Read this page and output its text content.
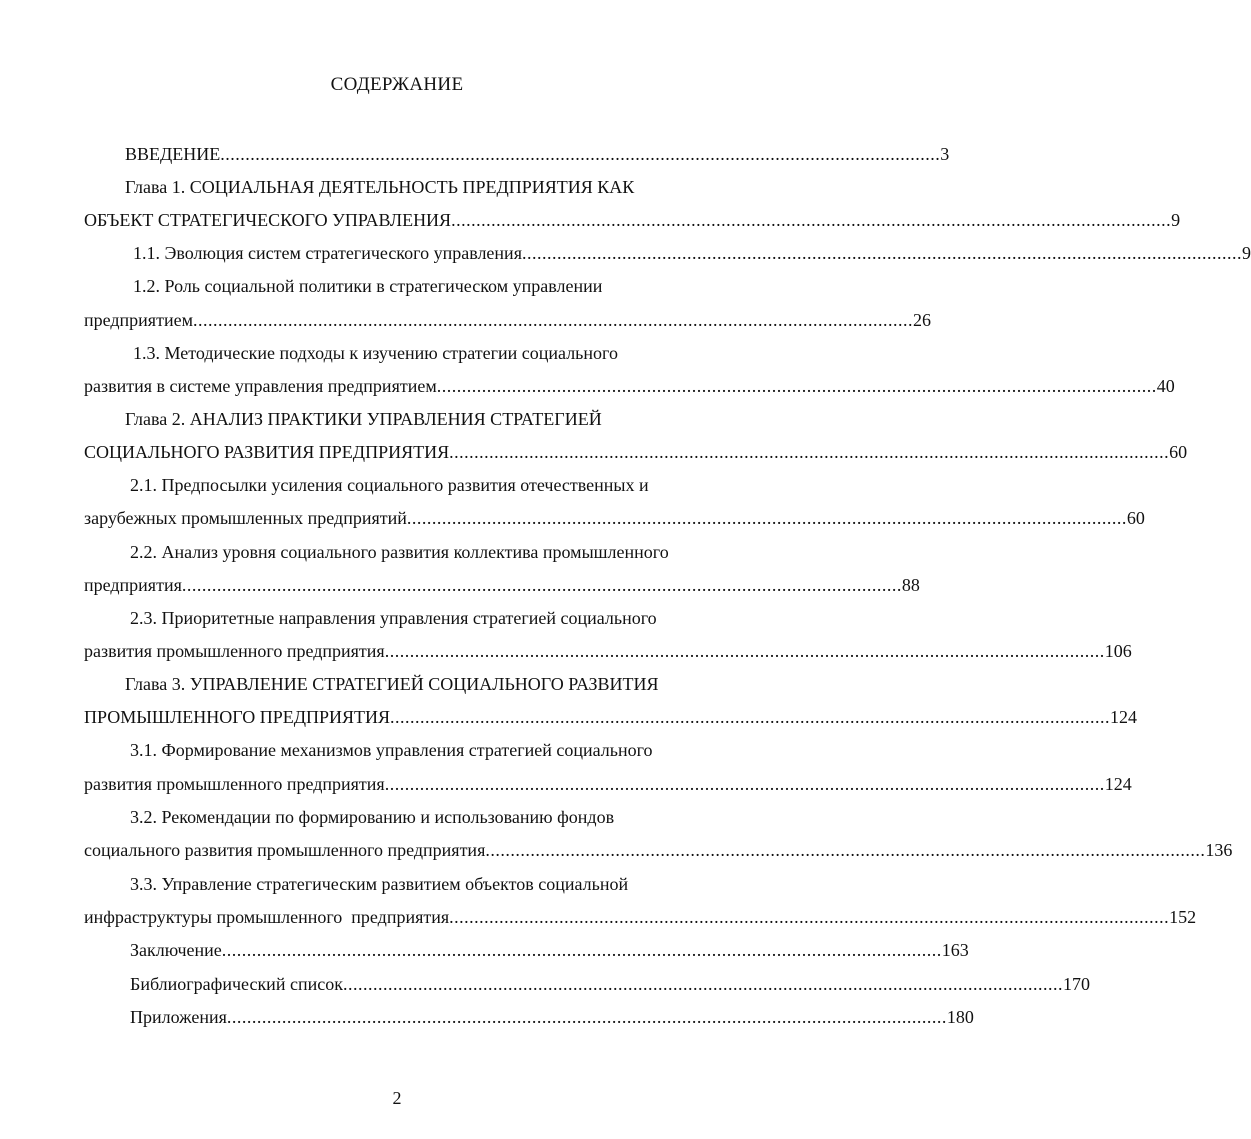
СОДЕРЖАНИЕ
ВВЕДЕНИЕ ................................................................................................................................................ 3
Глава 1. СОЦИАЛЬНАЯ ДЕЯТЕЛЬНОСТЬ ПРЕДПРИЯТИЯ КАК
ОБЪЕКТ СТРАТЕГИЧЕСКОГО УПРАВЛЕНИЯ ................................................................................................................................................ 9
1.1. Эволюция систем стратегического управления ................................................................................................................................................ 9
1.2. Роль социальной политики в стратегическом управлении
предприятием ................................................................................................................................................ 26
1.3. Методические подходы к изучению стратегии социального
развития в системе управления предприятием ................................................................................................................................................ 40
Глава 2. АНАЛИЗ ПРАКТИКИ УПРАВЛЕНИЯ СТРАТЕГИЕЙ
СОЦИАЛЬНОГО РАЗВИТИЯ ПРЕДПРИЯТИЯ ................................................................................................................................................ 60
2.1. Предпосылки усиления социального развития отечественных и
зарубежных промышленных предприятий ................................................................................................................................................ 60
2.2. Анализ уровня социального развития коллектива промышленного
предприятия ................................................................................................................................................ 88
2.3. Приоритетные направления управления стратегией социального
развития промышленного предприятия ................................................................................................................................................ 106
Глава 3. УПРАВЛЕНИЕ СТРАТЕГИЕЙ СОЦИАЛЬНОГО РАЗВИТИЯ
ПРОМЫШЛЕННОГО ПРЕДПРИЯТИЯ ................................................................................................................................................ 124
3.1. Формирование механизмов управления стратегией социального
развития промышленного предприятия ................................................................................................................................................ 124
3.2. Рекомендации по формированию и использованию фондов
социального развития промышленного предприятия ................................................................................................................................................ 136
3.3. Управление стратегическим развитием объектов социальной
инфраструктуры промышленного  предприятия ................................................................................................................................................ 152
Заключение ................................................................................................................................................ 163
Библиографический список ................................................................................................................................................ 170
Приложения ................................................................................................................................................ 180
2
